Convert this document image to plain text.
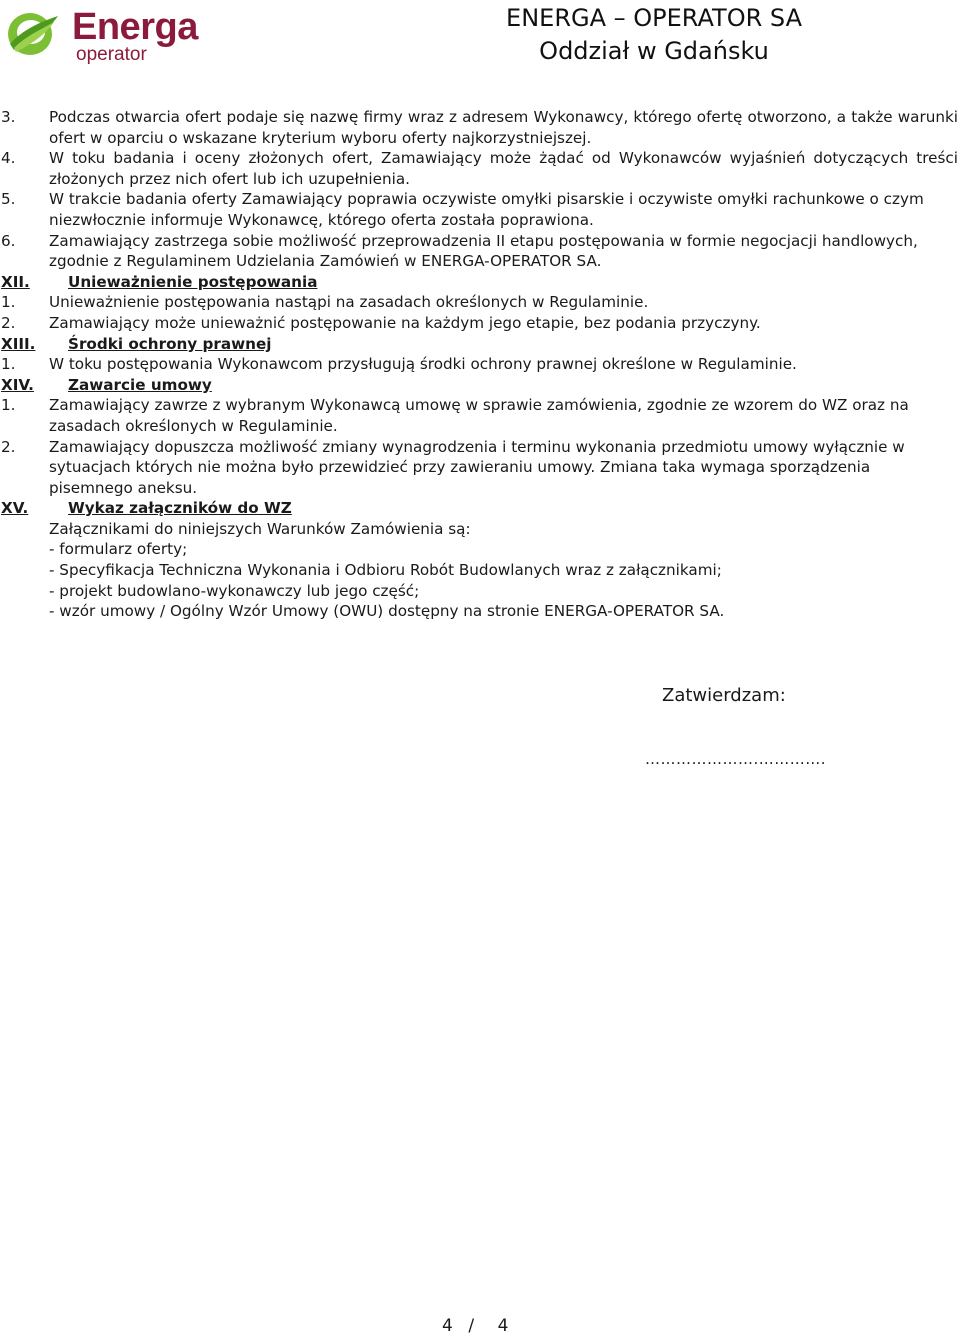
Energa
operator
ENERGA – OPERATOR SA
Oddział w Gdańsku
3. Podczas otwarcia ofert podaje się nazwę firmy wraz z adresem Wykonawcy, którego ofertę otworzono, a także warunki ofert w oparciu o wskazane kryterium wyboru oferty najkorzystniejszej.
4. W toku badania i oceny złożonych ofert, Zamawiający może żądać od Wykonawców wyjaśnień dotyczących treści złożonych przez nich ofert lub ich uzupełnienia.
5. W trakcie badania oferty Zamawiający poprawia oczywiste omyłki pisarskie i oczywiste omyłki rachunkowe o czym niezwłocznie informuje Wykonawcę, którego oferta została poprawiona.
6. Zamawiający zastrzega sobie możliwość przeprowadzenia II etapu postępowania w formie negocjacji handlowych, zgodnie z Regulaminem Udzielania Zamówień w ENERGA-OPERATOR SA.
XII.	Unieważnienie postępowania
1. Unieważnienie postępowania nastąpi na zasadach określonych w Regulaminie.
2. Zamawiający może unieważnić postępowanie na każdym jego etapie, bez podania przyczyny.
XIII. Środki ochrony prawnej
1. W toku postępowania Wykonawcom przysługują środki ochrony prawnej określone w Regulaminie.
XIV. Zawarcie umowy
1. Zamawiający zawrze z wybranym Wykonawcą umowę w sprawie zamówienia, zgodnie ze wzorem do WZ oraz na zasadach określonych w Regulaminie.
2. Zamawiający dopuszcza możliwość zmiany wynagrodzenia i terminu wykonania przedmiotu umowy wyłącznie w sytuacjach których nie można było przewidzieć przy zawieraniu umowy. Zmiana taka wymaga sporządzenia pisemnego aneksu.
XV.	Wykaz załączników do WZ
Załącznikami do niniejszych Warunków Zamówienia są:
- formularz oferty;
- Specyfikacja Techniczna Wykonania i Odbioru Robót Budowlanych wraz z załącznikami;
- projekt budowlano-wykonawczy lub jego część;
- wzór umowy / Ogólny Wzór Umowy (OWU) dostępny na stronie ENERGA-OPERATOR SA.
Zatwierdzam:
………………….………….
4 / 4
